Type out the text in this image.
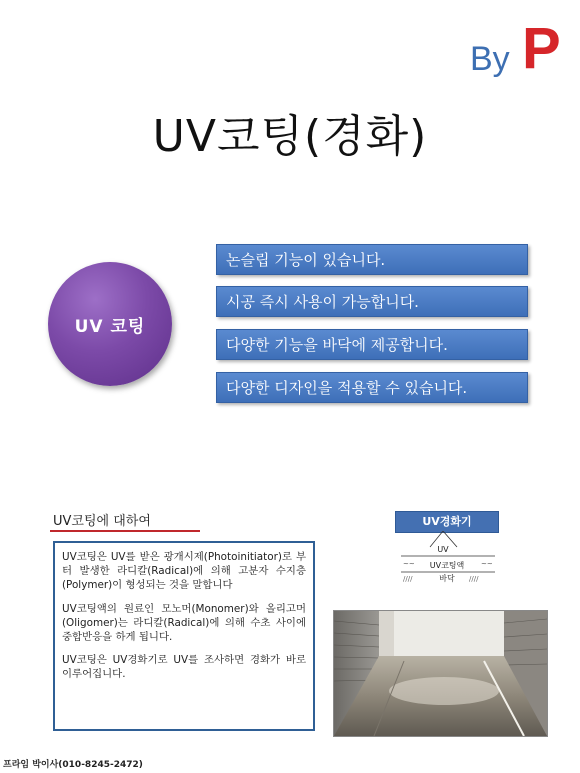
By P
UV코팅(경화)
UV 코팅
논슬립 기능이 있습니다.
시공 즉시 사용이 가능합니다.
다양한 기능을 바닥에 제공합니다.
다양한 디자인을 적용할 수 있습니다.
UV코팅에 대하여

UV코팅은 UV를 받은 광개시제(Photoinitiator)로 부터 발생한 라디칼(Radical)에 의해 고분자 수지층(Polymer)이 형성되는 것을 말합니다

UV코팅액의 원료인 모노머(Monomer)와 올리고머(Oligomer)는 라디칼(Radical)에 의해 수초 사이에 중합반응을 하게 됩니다.

UV코팅은 UV경화기로 UV를 조사하면 경화가 바로 이루어집니다.

UV경화기
UV
~~	~~
UV코팅액
////	////
바닥
프라임 박이사(010-8245-2472)
